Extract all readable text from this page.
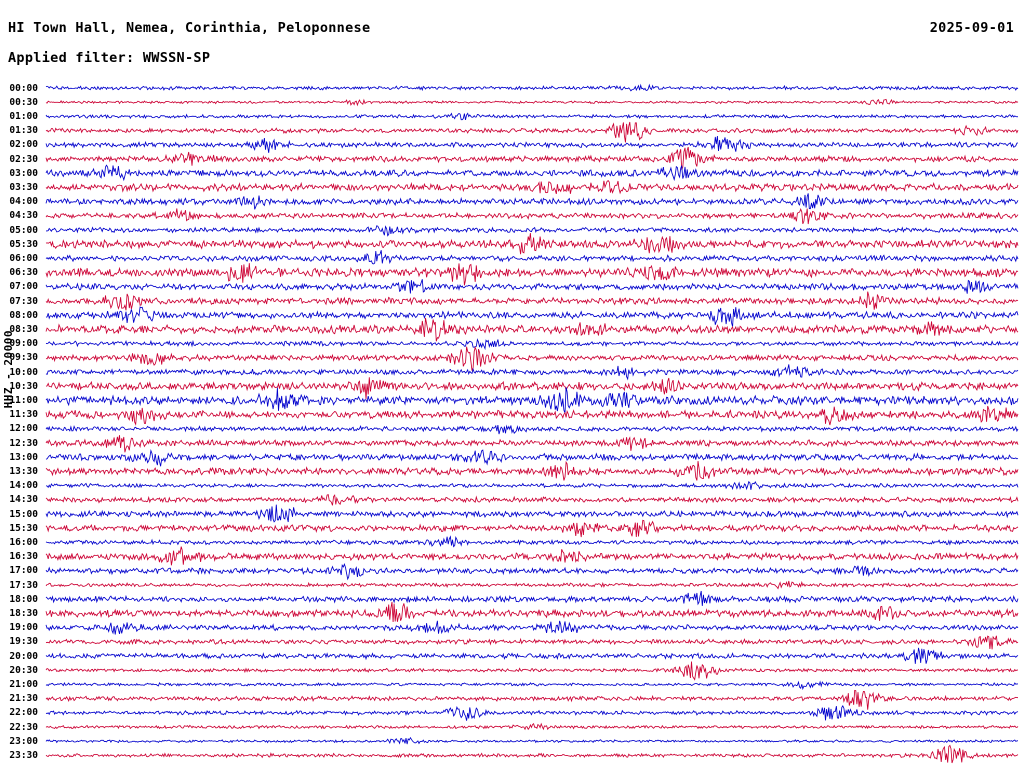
HI Town Hall, Nemea, Corinthia, Peloponnese	2025-09-01
Applied filter: WWSSN-SP
HHZ - 20000
00:00
00:30
01:00
01:30
02:00
02:30
03:00
03:30
04:00
04:30
05:00
05:30
06:00
06:30
07:00
07:30
08:00
08:30
09:00
09:30
10:00
10:30
11:00
11:30
12:00
12:30
13:00
13:30
14:00
14:30
15:00
15:30
16:00
16:30
17:00
17:30
18:00
18:30
19:00
19:30
20:00
20:30
21:00
21:30
22:00
22:30
23:00
23:30
